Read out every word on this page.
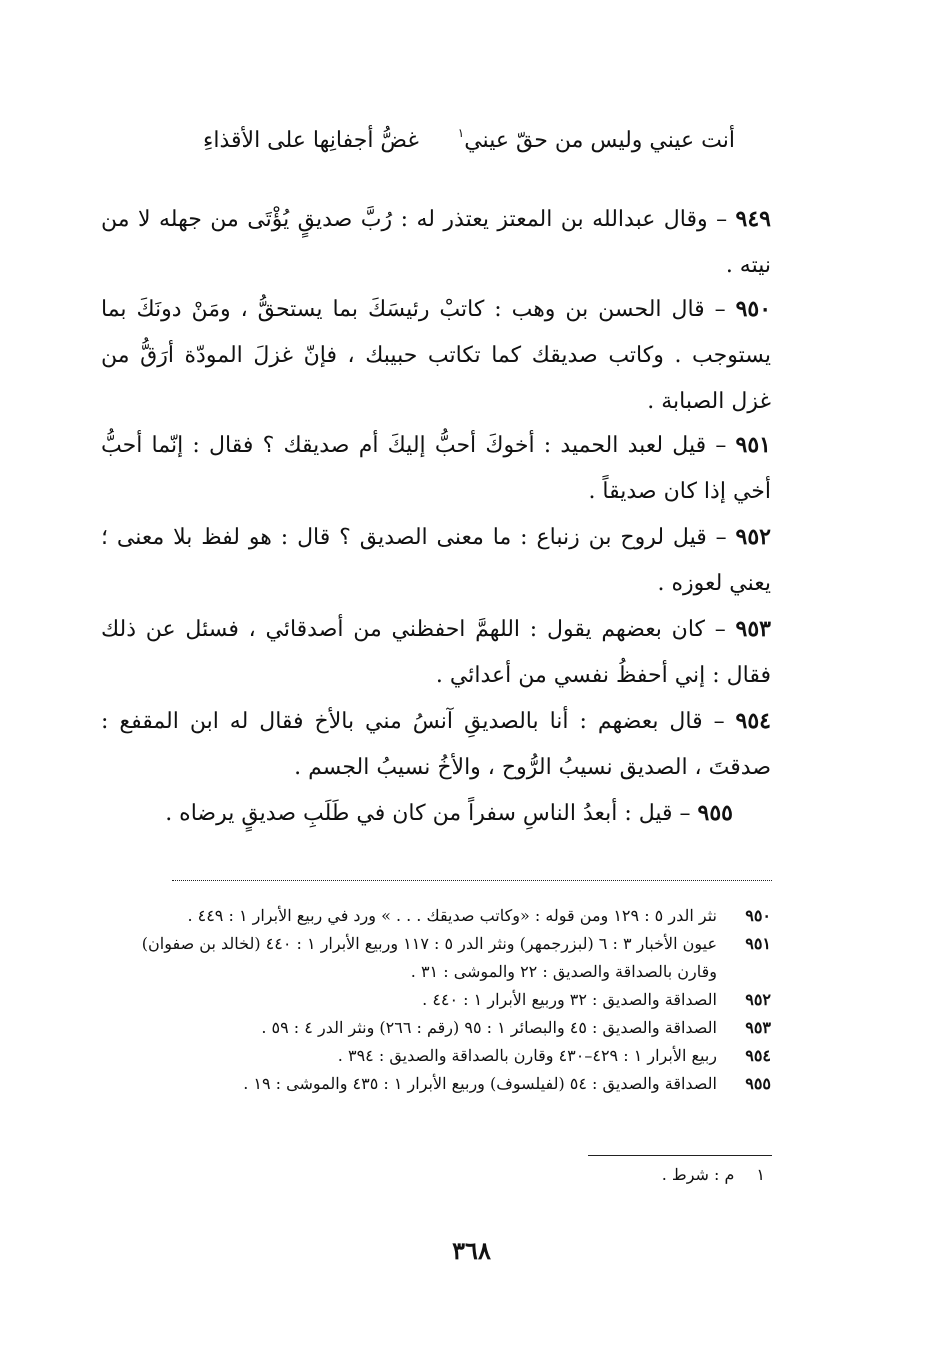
أنت عيني وليس من حقّ عيني$^١$
غضُّ أجفانِها على الأقذاءِ
٩٤٩ – وقال عبدالله بن المعتز يعتذر له : رُبَّ صديقٍ يُؤْتَى من جهله لا من نيته .
٩٥٠ – قال الحسن بن وهب : كاتبْ رئيسَكَ بما يستحقُّ ، ومَنْ دونَكَ بما يستوجب . وكاتب صديقك كما تكاتب حبيبك ، فإنّ غزلَ المودّة أرَقُّ من غزل الصبابة .
٩٥١ – قيل لعبد الحميد : أخوكَ أحبُّ إليكَ أم صديقك ؟ فقال : إنّما أحبُّ أخي إذا كان صديقاً .
٩٥٢ – قيل لروح بن زنباع : ما معنى الصديق ؟ قال : هو لفظ بلا معنى ؛ يعني لعوزه .
٩٥٣ – كان بعضهم يقول : اللهمَّ احفظني من أصدقائي ، فسئل عن ذلك فقال : إني أحفظُ نفسي من أعدائي .
٩٥٤ – قال بعضهم : أنا بالصديقِ آنسُ مني بالأخ فقال له ابن المقفع : صدقتَ ، الصديق نسيبُ الرُّوح ، والأخُ نسيبُ الجسم .
٩٥٥ – قيل : أبعدُ الناسِ سفراً من كان في طَلَبِ صديقٍ يرضاه .
٩٥٠
نثر الدر ٥ : ١٢٩ ومن قوله : «وكاتب صديقك . . . » ورد في ربيع الأبرار ١ : ٤٤٩ .
٩٥١
عيون الأخبار ٣ : ٦ (لبزرجمهر) ونثر الدر ٥ : ١١٧ وربيع الأبرار ١ : ٤٤٠ (لخالد بن صفوان) وقارن بالصداقة والصديق : ٢٢ والموشى : ٣١ .
٩٥٢
الصداقة والصديق : ٣٢ وربيع الأبرار ١ : ٤٤٠ .
٩٥٣
الصداقة والصديق : ٤٥ والبصائر ١ : ٩٥ (رقم : ٢٦٦) ونثر الدر ٤ : ٥٩ .
٩٥٤
ربيع الأبرار ١ : ٤٢٩–٤٣٠ وقارن بالصداقة والصديق : ٣٩٤ .
٩٥٥
الصداقة والصديق : ٥٤ (لفيلسوف) وربيع الأبرار ١ : ٤٣٥ والموشى : ١٩ .
١م : شرط .
٣٦٨
